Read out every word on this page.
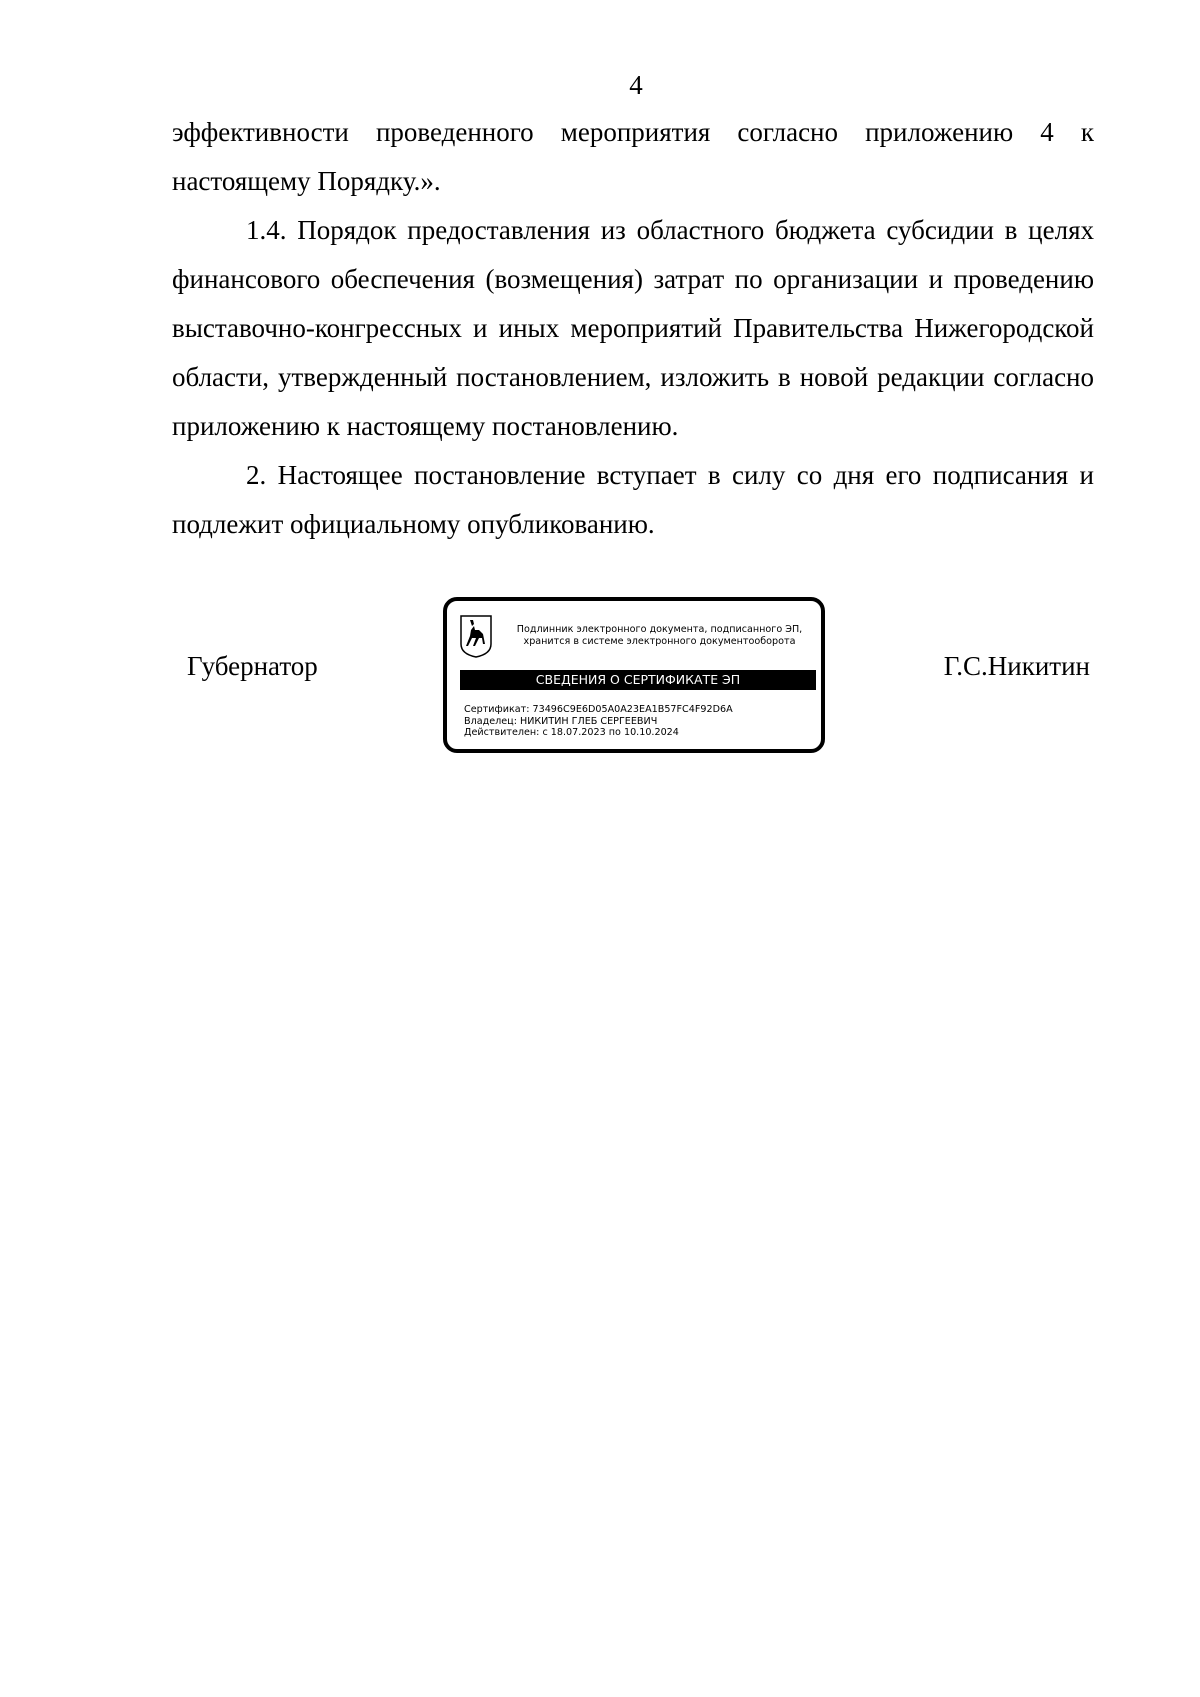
4

эффективности проведенного мероприятия согласно приложению 4 к настоящему Порядку.».

1.4. Порядок предоставления из областного бюджета субсидии в целях финансового обеспечения (возмещения) затрат по организации и проведению выставочно-конгрессных и иных мероприятий Правительства Нижегородской области, утвержденный постановлением, изложить в новой редакции согласно приложению к настоящему постановлению.

2. Настоящее постановление вступает в силу со дня его подписания и подлежит официальному опубликованию.

Губернатор	Г.С.Никитин
Подлинник электронного документа, подписанного ЭП,
хранится в системе электронного документооборота
СВЕДЕНИЯ О СЕРТИФИКАТЕ ЭП
Сертификат: 73496C9E6D05A0A23EA1B57FC4F92D6A
Владелец: НИКИТИН ГЛЕБ СЕРГЕЕВИЧ
Действителен: с 18.07.2023 по 10.10.2024
